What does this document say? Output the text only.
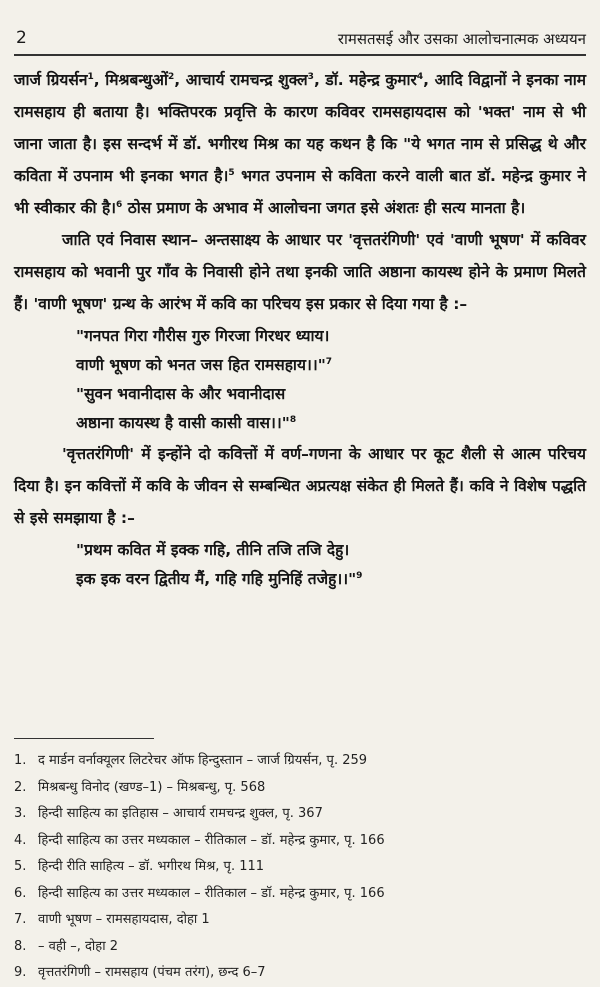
2	रामसतसई और उसका आलोचनात्मक अध्ययन

जार्ज ग्रियर्सन$^1$, मिश्रबन्धुओं$^2$, आचार्य रामचन्द्र शुक्ल$^3$, डॉ. महेन्द्र कुमार$^4$, आदि विद्वानों ने इनका नाम रामसहाय ही बताया है। भक्तिपरक प्रवृत्ति के कारण कविवर रामसहायदास को 'भक्त' नाम से भी जाना जाता है। इस सन्दर्भ में डॉ. भगीरथ मिश्र का यह कथन है कि "ये भगत नाम से प्रसिद्ध थे और कविता में उपनाम भी इनका भगत है।$^5$ भगत उपनाम से कविता करने वाली बात डॉ. महेन्द्र कुमार ने भी स्वीकार की है।$^6$ ठोस प्रमाण के अभाव में आलोचना जगत इसे अंशतः ही सत्य मानता है।

जाति एवं निवास स्थान– अन्तसाक्ष्य के आधार पर 'वृत्ततरंगिणी' एवं 'वाणी भूषण' में कविवर रामसहाय को भवानी पुर गाँव के निवासी होने तथा इनकी जाति अष्ठाना कायस्थ होने के प्रमाण मिलते हैं। 'वाणी भूषण' ग्रन्थ के आरंभ में कवि का परिचय इस प्रकार से दिया गया है :–

"गनपत गिरा गौरीस गुरु गिरजा गिरधर ध्याय।
वाणी भूषण को भनत जस हित रामसहाय।।"$^7$
"सुवन भवानीदास के और भवानीदास
अष्ठाना कायस्थ है वासी कासी वास।।"$^8$

'वृत्ततरंगिणी' में इन्होंने दो कवित्तों में वर्ण–गणना के आधार पर कूट शैली से आत्म परिचय दिया है। इन कवित्तों में कवि के जीवन से सम्बन्धित अप्रत्यक्ष संकेत ही मिलते हैं। कवि ने विशेष पद्धति से इसे समझाया है :–

"प्रथम कवित में इक्क गहि, तीनि तजि तजि देहु।
इक इक वरन द्वितीय मैं, गहि गहि मुनिहिं तजेहु।।"$^9$
1. द मार्डन वर्नाक्यूलर लिटरेचर ऑफ हिन्दुस्तान – जार्ज ग्रियर्सन, पृ. 259
2. मिश्रबन्धु विनोद (खण्ड–1) – मिश्रबन्धु, पृ. 568
3. हिन्दी साहित्य का इतिहास – आचार्य रामचन्द्र शुक्ल, पृ. 367
4. हिन्दी साहित्य का उत्तर मध्यकाल – रीतिकाल – डॉ. महेन्द्र कुमार, पृ. 166
5. हिन्दी रीति साहित्य – डॉ. भगीरथ मिश्र, पृ. 111
6. हिन्दी साहित्य का उत्तर मध्यकाल – रीतिकाल – डॉ. महेन्द्र कुमार, पृ. 166
7. वाणी भूषण – रामसहायदास, दोहा 1
8. – वही –, दोहा 2
9. वृत्ततरंगिणी – रामसहाय (पंचम तरंग), छन्द 6–7
